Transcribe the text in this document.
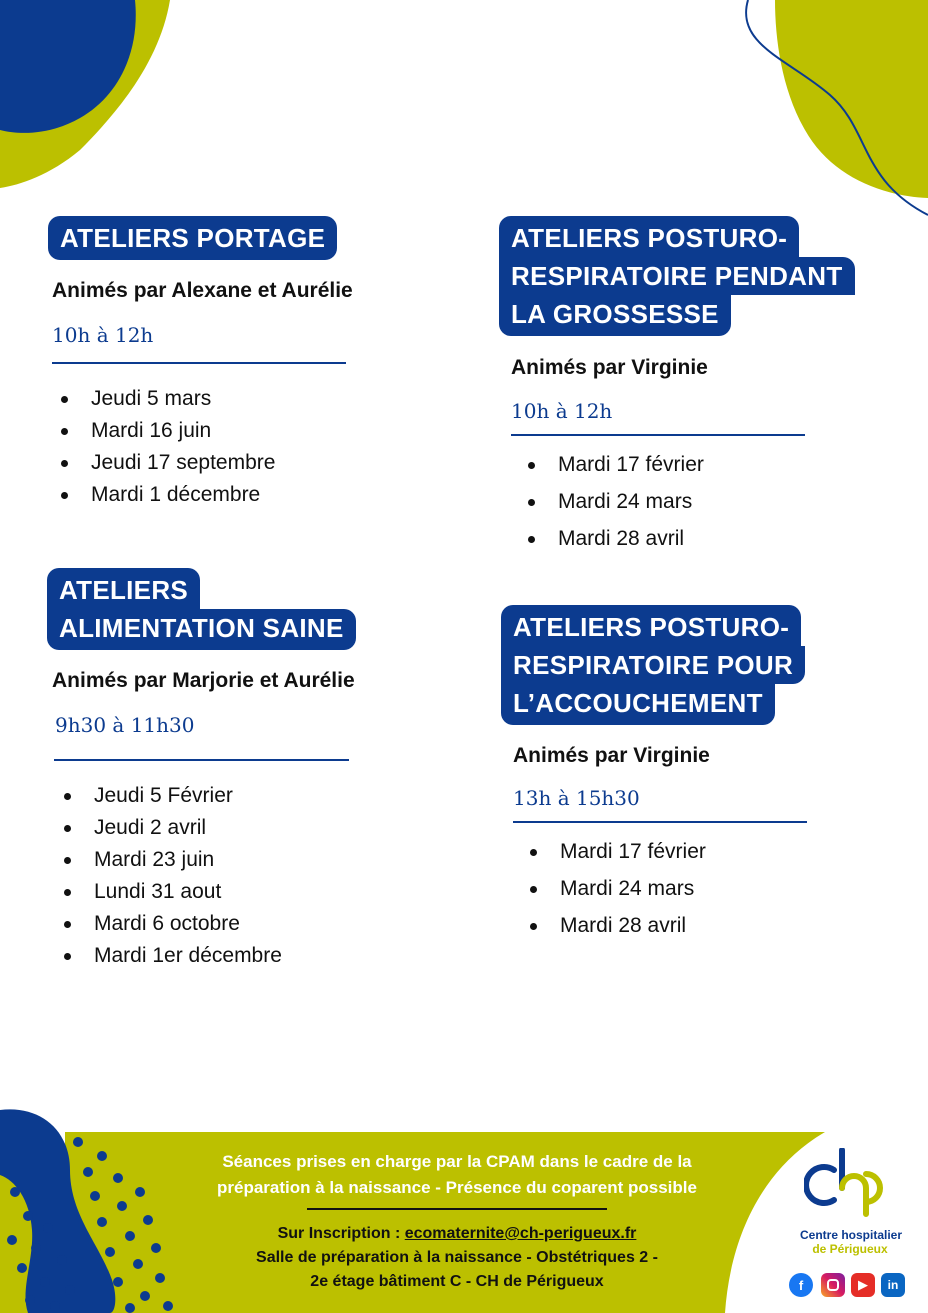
ATELIERS PORTAGE
Animés par Alexane et Aurélie
10h à 12h
Jeudi 5 mars
Mardi 16 juin
Jeudi 17 septembre
Mardi 1 décembre
ATELIERS POSTURO-
RESPIRATOIRE PENDANT
LA GROSSESSE
Animés par Virginie
10h à 12h
Mardi 17 février
Mardi 24 mars
Mardi 28 avril
ATELIERS
ALIMENTATION SAINE
Animés par Marjorie et Aurélie
9h30 à 11h30
Jeudi 5 Février
Jeudi 2 avril
Mardi 23 juin
Lundi 31 aout
Mardi 6 octobre
Mardi 1er décembre
ATELIERS POSTURO-
RESPIRATOIRE POUR
L’ACCOUCHEMENT
Animés par Virginie
13h à 15h30
Mardi 17 février
Mardi 24 mars
Mardi 28 avril
Séances prises en charge par la CPAM dans le cadre de la
préparation à la naissance - Présence du coparent possible
Sur Inscription : ecomaternite@ch-perigueux.fr
Salle de préparation à la naissance - Obstétriques 2 -
2e étage bâtiment C - CH de Périgueux
Centre hospitalier
de Périgueux
f	▶	in
